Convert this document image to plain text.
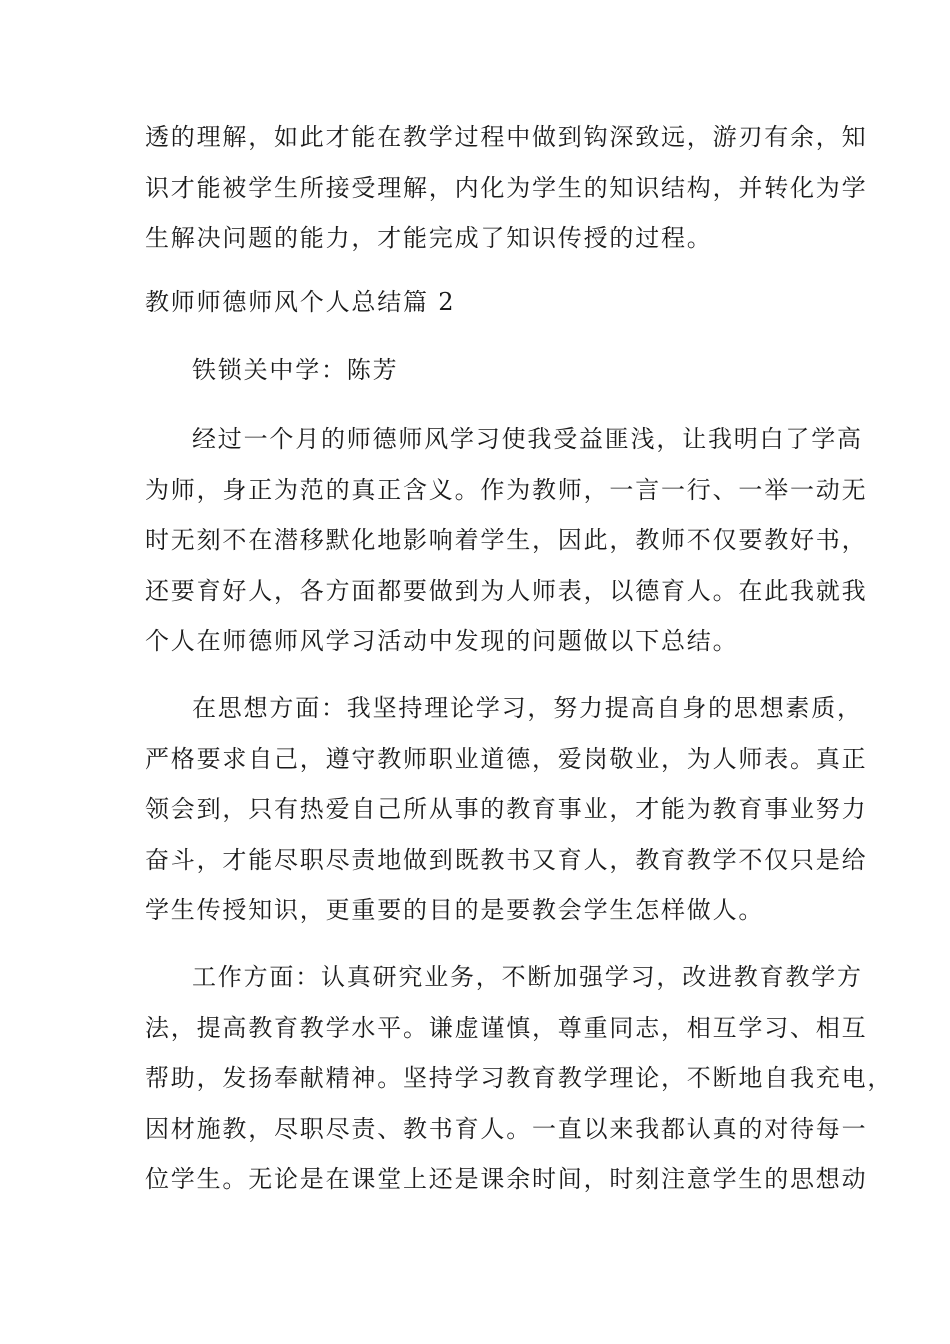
透的理解，如此才能在教学过程中做到钩深致远，游刃有余，知
识才能被学生所接受理解，内化为学生的知识结构，并转化为学
生解决问题的能力，才能完成了知识传授的过程。
教师师德师风个人总结篇 2
铁锁关中学：陈芳
经过一个月的师德师风学习使我受益匪浅，让我明白了学高
为师，身正为范的真正含义。作为教师，一言一行、一举一动无
时无刻不在潜移默化地影响着学生，因此，教师不仅要教好书，
还要育好人，各方面都要做到为人师表，以德育人。在此我就我
个人在师德师风学习活动中发现的问题做以下总结。
在思想方面：我坚持理论学习，努力提高自身的思想素质，
严格要求自己，遵守教师职业道德，爱岗敬业，为人师表。真正
领会到，只有热爱自己所从事的教育事业，才能为教育事业努力
奋斗，才能尽职尽责地做到既教书又育人，教育教学不仅只是给
学生传授知识，更重要的目的是要教会学生怎样做人。
工作方面：认真研究业务，不断加强学习，改进教育教学方
法，提高教育教学水平。谦虚谨慎，尊重同志，相互学习、相互
帮助，发扬奉献精神。坚持学习教育教学理论，不断地自我充电，
因材施教，尽职尽责、教书育人。一直以来我都认真的对待每一
位学生。无论是在课堂上还是课余时间，时刻注意学生的思想动
